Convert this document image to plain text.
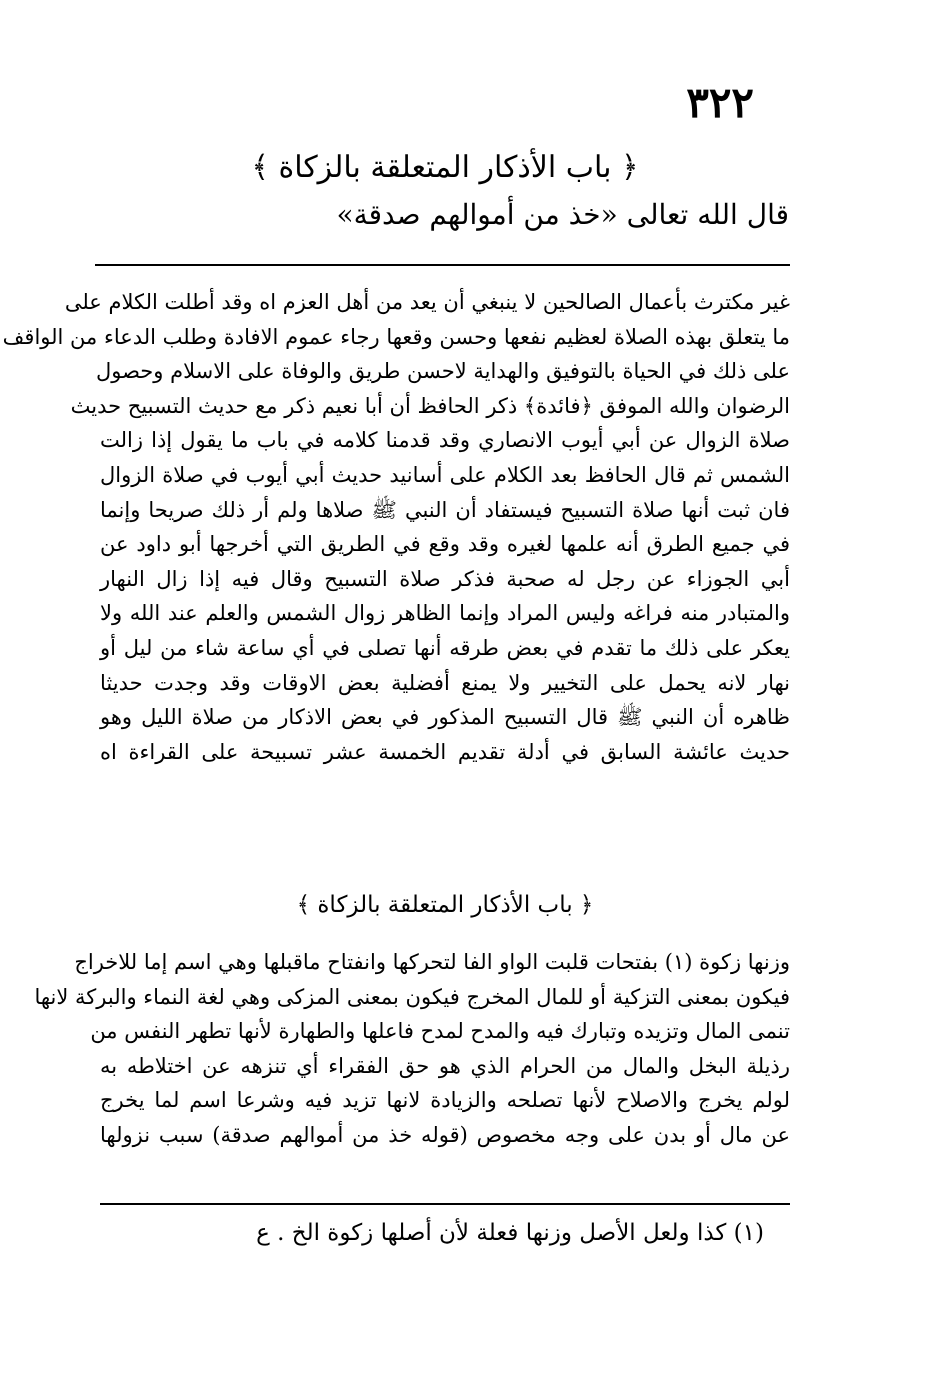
٣٢٢
﴿ باب الأذكار المتعلقة بالزكاة ﴾
قال الله تعالى «خذ من أموالهم صدقة»
غير مكترث بأعمال الصالحين لا ينبغي أن يعد من أهل العزم اه وقد أطلت الكلام على
ما يتعلق بهذه الصلاة لعظيم نفعها وحسن وقعها رجاء عموم الافادة وطلب الدعاء من الواقف
على ذلك في الحياة بالتوفيق والهداية لاحسن طريق والوفاة على الاسلام وحصول
الرضوان والله الموفق ﴿فائدة﴾ ذكر الحافظ أن أبا نعيم ذكر مع حديث التسبيح حديث
صلاة الزوال عن أبي أيوب الانصاري وقد قدمنا كلامه في باب ما يقول إذا زالت
الشمس ثم قال الحافظ بعد الكلام على أسانيد حديث أبي أيوب في صلاة الزوال
فان ثبت أنها صلاة التسبيح فيستفاد أن النبي ﷺ صلاها ولم أر ذلك صريحا وإنما
في جميع الطرق أنه علمها لغيره وقد وقع في الطريق التي أخرجها أبو داود عن
أبي الجوزاء عن رجل له صحبة فذكر صلاة التسبيح وقال فيه إذا زال النهار
والمتبادر منه فراغه وليس المراد وإنما الظاهر زوال الشمس والعلم عند الله ولا
يعكر على ذلك ما تقدم في بعض طرقه أنها تصلى في أي ساعة شاء من ليل أو
نهار لانه يحمل على التخيير ولا يمنع أفضلية بعض الاوقات وقد وجدت حديثا
ظاهره أن النبي ﷺ قال التسبيح المذكور في بعض الاذكار من صلاة الليل وهو
حديث عائشة السابق في أدلة تقديم الخمسة عشر تسبيحة على القراءة اه
﴿ باب الأذكار المتعلقة بالزكاة ﴾
وزنها زكوة (١) بفتحات قلبت الواو الفا لتحركها وانفتاح ماقبلها وهي اسم إما للاخراج
فيكون بمعنى التزكية أو للمال المخرج فيكون بمعنى المزكى وهي لغة النماء والبركة لانها
تنمى المال وتزيده وتبارك فيه والمدح لمدح فاعلها والطهارة لأنها تطهر النفس من
رذيلة البخل والمال من الحرام الذي هو حق الفقراء أي تنزهه عن اختلاطه به
لولم يخرج والاصلاح لأنها تصلحه والزيادة لانها تزيد فيه وشرعا اسم لما يخرج
عن مال أو بدن على وجه مخصوص (قوله خذ من أموالهم صدقة) سبب نزولها
(١) كذا ولعل الأصل وزنها فعلة لأن أصلها زكوة الخ . ع
